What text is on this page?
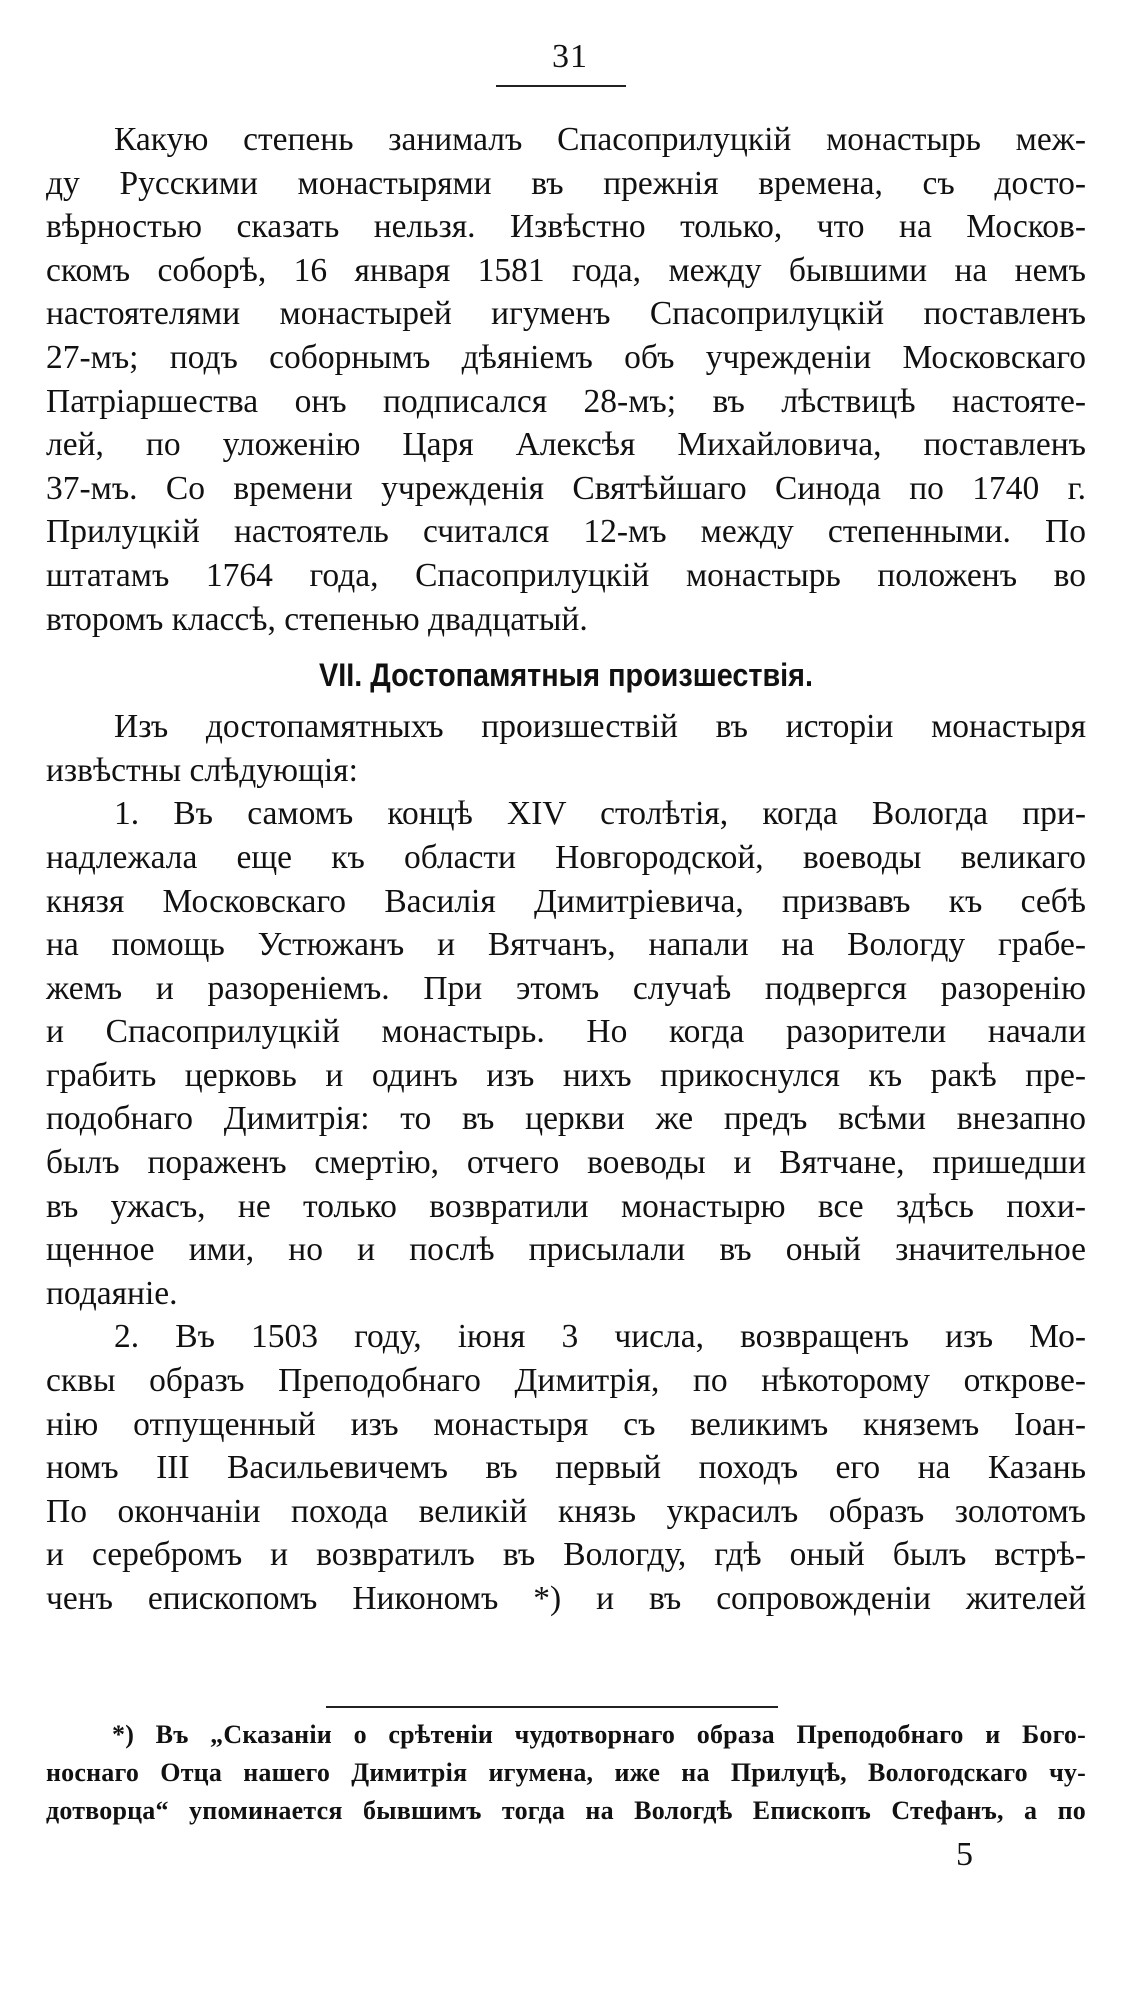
31
Какую степень занималъ Спасоприлуцкій монастырь меж-
ду Русскими монастырями въ прежнія времена, съ досто-
вѣрностью сказать нельзя. Извѣстно только, что на Москов-
скомъ соборѣ, 16 января 1581 года, между бывшими на немъ
настоятелями монастырей игуменъ Спасоприлуцкій поставленъ
27-мъ; подъ соборнымъ дѣяніемъ объ учрежденіи Московскаго
Патріаршества онъ подписался 28-мъ; въ лѣствицѣ настояте-
лей, по уложенію Царя Алексѣя Михайловича, поставленъ
37-мъ. Со времени учрежденія Святѣйшаго Синода по 1740 г.
Прилуцкій настоятель считался 12-мъ между степенными. По
штатамъ 1764 года, Спасоприлуцкій монастырь положенъ во
второмъ классѣ, степенью двадцатый.
VII. Достопамятныя произшествія.
Изъ достопамятныхъ произшествій въ исторіи монастыря
извѣстны слѣдующія:
1. Въ самомъ концѣ XIV столѣтія, когда Вологда при-
надлежала еще къ области Новгородской, воеводы великаго
князя Московскаго Василія Димитріевича, призвавъ къ себѣ
на помощь Устюжанъ и Вятчанъ, напали на Вологду грабе-
жемъ и разореніемъ. При этомъ случаѣ подвергся разоренію
и Спасоприлуцкій монастырь. Но когда разорители начали
грабить церковь и одинъ изъ нихъ прикоснулся къ ракѣ пре-
подобнаго Димитрія: то въ церкви же предъ всѣми внезапно
былъ пораженъ смертію, отчего воеводы и Вятчане, пришедши
въ ужасъ, не только возвратили монастырю все здѣсь похи-
щенное ими, но и послѣ присылали въ оный значительное
подаяніе.
2. Въ 1503 году, іюня 3 числа, возвращенъ изъ Мо-
сквы образъ Преподобнаго Димитрія, по нѣкоторому открове-
нію отпущенный изъ монастыря съ великимъ княземъ Іоан-
номъ III Васильевичемъ въ первый походъ его на Казань
По окончаніи похода великій князь украсилъ образъ золотомъ
и серебромъ и возвратилъ въ Вологду, гдѣ оный былъ встрѣ-
ченъ епископомъ Никономъ *) и въ сопровожденіи жителей
*) Въ „Сказаніи о срѣтеніи чудотворнаго образа Преподобнаго и Бого-
носнаго Отца нашего Димитрія игумена, иже на Прилуцѣ, Вологодскаго чу-
дотворца“ упоминается бывшимъ тогда на Вологдѣ Епископъ Стефанъ, а по
5
